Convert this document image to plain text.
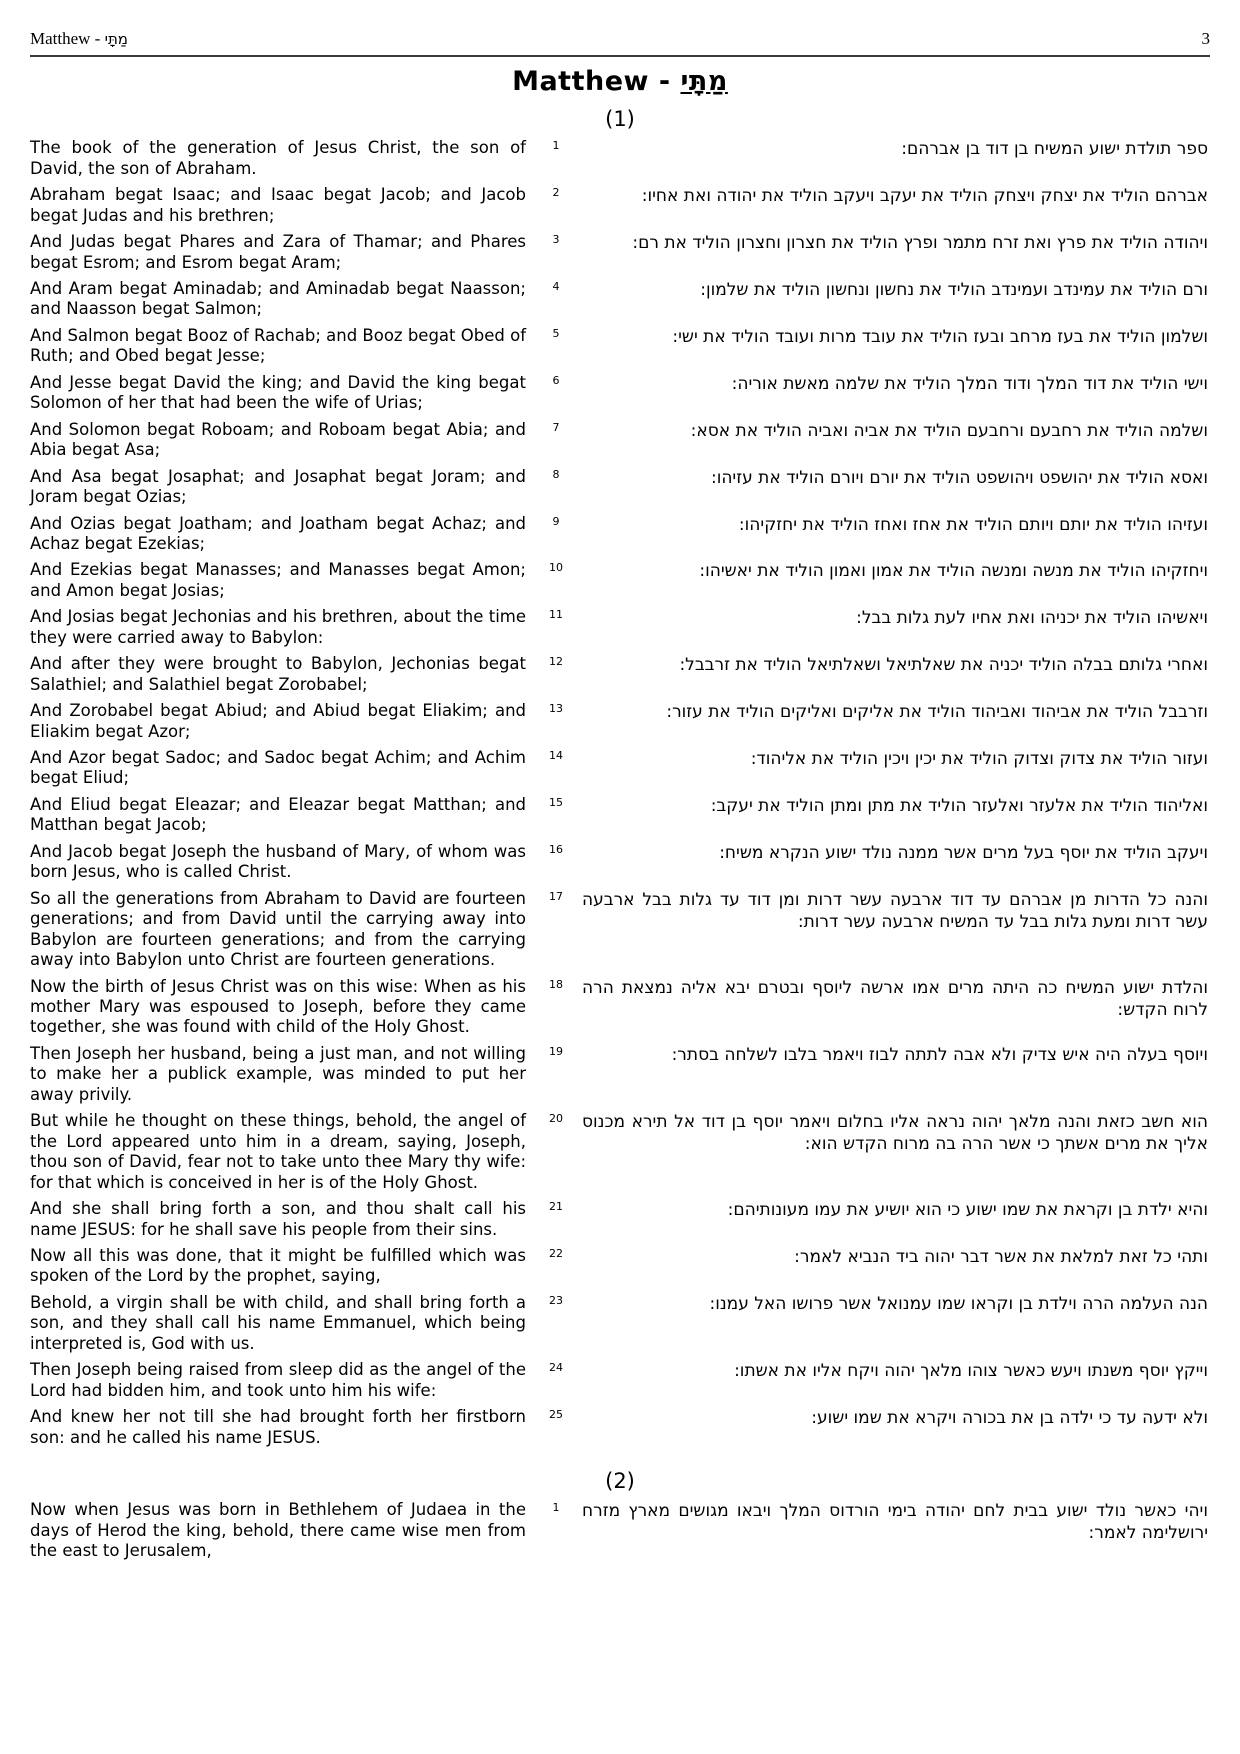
Matthew - מַתָּי	3
Matthew - מַתָּי
(1)
The book of the generation of Jesus Christ, the son of David, the son of Abraham.
1	ספר תולדת ישוע המשיח בן דוד בן אברהם:
Abraham begat Isaac; and Isaac begat Jacob; and Jacob begat Judas and his brethren;
2	אברהם הוליד את יצחק ויצחק הוליד את יעקב ויעקב הוליד את יהודה ואת אחיו:
And Judas begat Phares and Zara of Thamar; and Phares begat Esrom; and Esrom begat Aram;
3	ויהודה הוליד את פרץ ואת זרח מתמר ופרץ הוליד את חצרון וחצרון הוליד את רם:
And Aram begat Aminadab; and Aminadab begat Naasson; and Naasson begat Salmon;
4	ורם הוליד את עמינדב ועמינדב הוליד את נחשון ונחשון הוליד את שלמון:
And Salmon begat Booz of Rachab; and Booz begat Obed of Ruth; and Obed begat Jesse;
5	ושלמון הוליד את בעז מרחב ובעז הוליד את עובד מרות ועובד הוליד את ישי:
And Jesse begat David the king; and David the king begat Solomon of her that had been the wife of Urias;
6	וישי הוליד את דוד המלך ודוד המלך הוליד את שלמה מאשת אוריה:
And Solomon begat Roboam; and Roboam begat Abia; and Abia begat Asa;
7	ושלמה הוליד את רחבעם ורחבעם הוליד את אביה ואביה הוליד את אסא:
And Asa begat Josaphat; and Josaphat begat Joram; and Joram begat Ozias;
8	ואסא הוליד את יהושפט ויהושפט הוליד את יורם ויורם הוליד את עזיהו:
And Ozias begat Joatham; and Joatham begat Achaz; and Achaz begat Ezekias;
9	ועזיהו הוליד את יותם ויותם הוליד את אחז ואחז הוליד את יחזקיהו:
And Ezekias begat Manasses; and Manasses begat Amon; and Amon begat Josias;
10	ויחזקיהו הוליד את מנשה ומנשה הוליד את אמון ואמון הוליד את יאשיהו:
And Josias begat Jechonias and his brethren, about the time they were carried away to Babylon:
11	ויאשיהו הוליד את יכניהו ואת אחיו לעת גלות בבל:
And after they were brought to Babylon, Jechonias begat Salathiel; and Salathiel begat Zorobabel;
12	ואחרי גלותם בבלה הוליד יכניה את שאלתיאל ושאלתיאל הוליד את זרבבל:
And Zorobabel begat Abiud; and Abiud begat Eliakim; and Eliakim begat Azor;
13	וזרבבל הוליד את אביהוד ואביהוד הוליד את אליקים ואליקים הוליד את עזור:
And Azor begat Sadoc; and Sadoc begat Achim; and Achim begat Eliud;
14	ועזור הוליד את צדוק וצדוק הוליד את יכין ויכין הוליד את אליהוד:
And Eliud begat Eleazar; and Eleazar begat Matthan; and Matthan begat Jacob;
15	ואליהוד הוליד את אלעזר ואלעזר הוליד את מתן ומתן הוליד את יעקב:
And Jacob begat Joseph the husband of Mary, of whom was born Jesus, who is called Christ.
16	ויעקב הוליד את יוסף בעל מרים אשר ממנה נולד ישוע הנקרא משיח:
So all the generations from Abraham to David are fourteen generations; and from David until the carrying away into Babylon are fourteen generations; and from the carrying away into Babylon unto Christ are fourteen generations.
17	והנה כל הדרות מן אברהם עד דוד ארבעה עשר דרות ומן דוד עד גלות בבל ארבעה עשר דרות ומעת גלות בבל עד המשיח ארבעה עשר דרות:
Now the birth of Jesus Christ was on this wise: When as his mother Mary was espoused to Joseph, before they came together, she was found with child of the Holy Ghost.
18	והלדת ישוע המשיח כה היתה מרים אמו ארשה ליוסף ובטרם יבא אליה נמצאת הרה לרוח הקדש:
Then Joseph her husband, being a just man, and not willing to make her a publick example, was minded to put her away privily.
19	ויוסף בעלה היה איש צדיק ולא אבה לתתה לבוז ויאמר בלבו לשלחה בסתר:
But while he thought on these things, behold, the angel of the Lord appeared unto him in a dream, saying, Joseph, thou son of David, fear not to take unto thee Mary thy wife: for that which is conceived in her is of the Holy Ghost.
20	הוא חשב כזאת והנה מלאך יהוה נראה אליו בחלום ויאמר יוסף בן דוד אל תירא מכנוס אליך את מרים אשתך כי אשר הרה בה מרוח הקדש הוא:
And she shall bring forth a son, and thou shalt call his name JESUS: for he shall save his people from their sins.
21	והיא ילדת בן וקראת את שמו ישוע כי הוא יושיע את עמו מעונותיהם:
Now all this was done, that it might be fulfilled which was spoken of the Lord by the prophet, saying,
22	ותהי כל זאת למלאת את אשר דבר יהוה ביד הנביא לאמר:
Behold, a virgin shall be with child, and shall bring forth a son, and they shall call his name Emmanuel, which being interpreted is, God with us.
23	הנה העלמה הרה וילדת בן וקראו שמו עמנואל אשר פרושו האל עמנו:
Then Joseph being raised from sleep did as the angel of the Lord had bidden him, and took unto him his wife:
24	וייקץ יוסף משנתו ויעש כאשר צוהו מלאך יהוה ויקח אליו את אשתו:
And knew her not till she had brought forth her firstborn son: and he called his name JESUS.
25	ולא ידעה עד כי ילדה בן את בכורה ויקרא את שמו ישוע:
(2)
Now when Jesus was born in Bethlehem of Judaea in the days of Herod the king, behold, there came wise men from the east to Jerusalem,
1	ויהי כאשר נולד ישוע בבית לחם יהודה בימי הורדוס המלך ויבאו מגושים מארץ מזרח ירושלימה לאמר:
